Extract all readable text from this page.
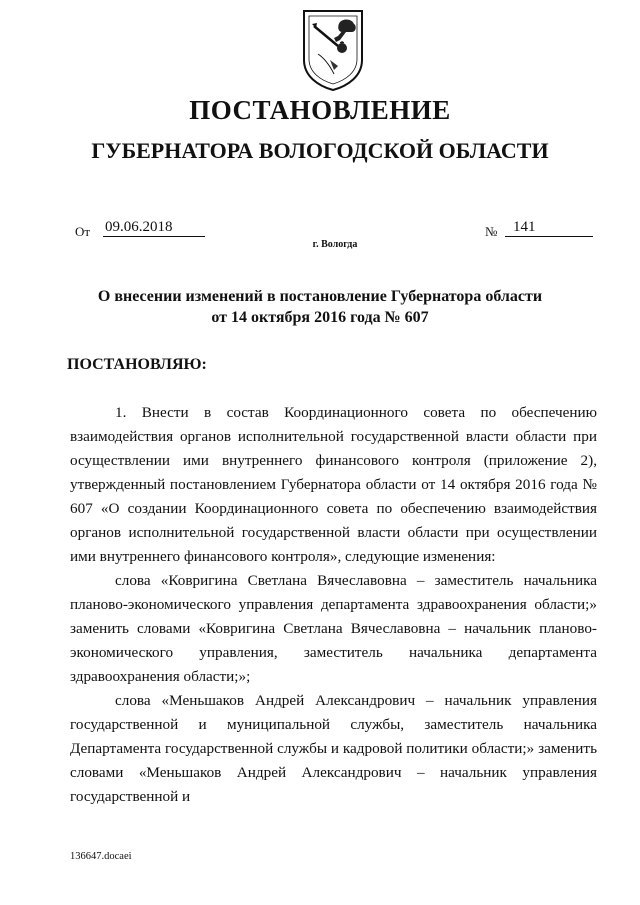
ПОСТАНОВЛЕНИЕ
ГУБЕРНАТОРА ВОЛОГОДСКОЙ ОБЛАСТИ
От 09.06.2018	№ 141
г. Вологда
О внесении изменений в постановление Губернатора области
от 14 октября 2016 года № 607
ПОСТАНОВЛЯЮ:

1. Внести в состав Координационного совета по обеспечению взаимодействия органов исполнительной государственной власти области при осуществлении ими внутреннего финансового контроля (приложение 2), утвержденный постановлением Губернатора области от 14 октября 2016 года № 607 «О создании Координационного совета по обеспечению взаимодействия органов исполнительной государственной власти области при осуществлении ими внутреннего финансового контроля», следующие изменения:

слова «Ковригина Светлана Вячеславовна – заместитель начальника планово-экономического управления департамента здравоохранения области;» заменить словами «Ковригина Светлана Вячеславовна – начальник планово-экономического управления, заместитель начальника департамента здравоохранения области;»;

слова «Меньшаков Андрей Александрович – начальник управления государственной и муниципальной службы, заместитель начальника Департамента государственной службы и кадровой политики области;» заменить словами «Меньшаков Андрей Александрович – начальник управления государственной и

136647.docaei
